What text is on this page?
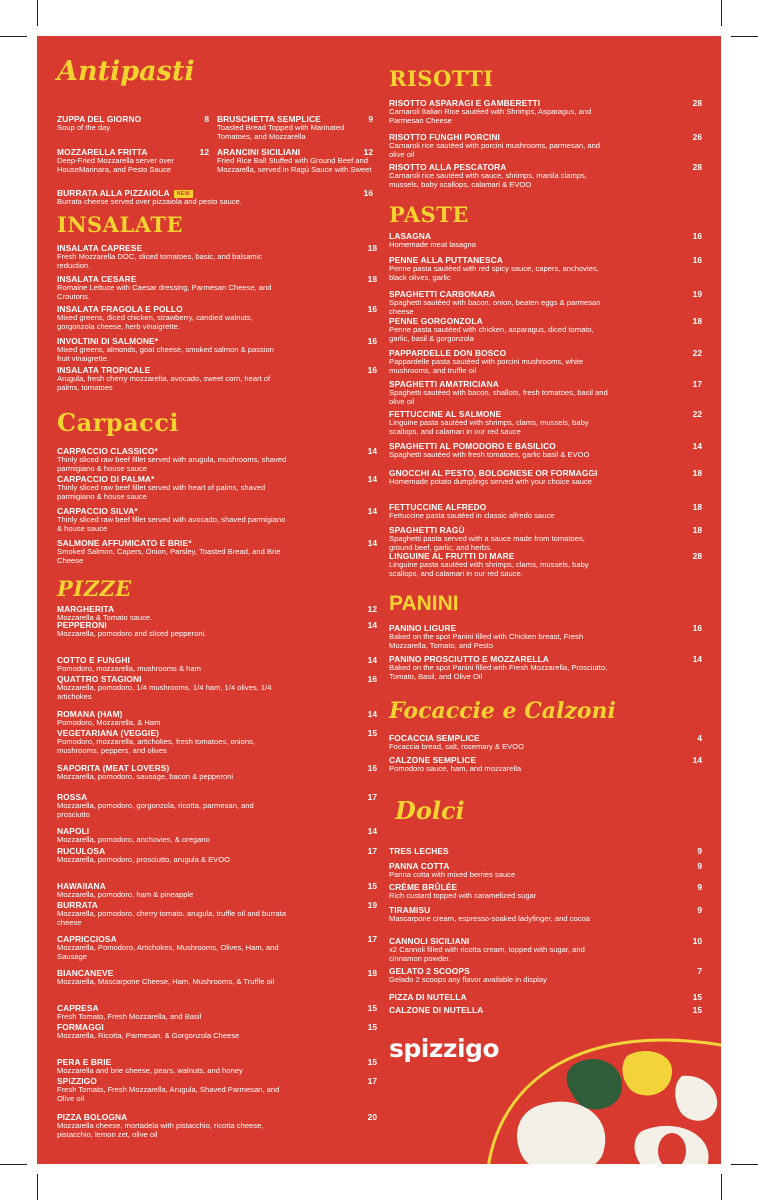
Antipasti
ZUPPA DEL GIORNO	8
Soup of the day
BRUSCHETTA SEMPLICE	9
Toasted Bread Topped with Marinated Tomatoes, and Mozzarella
MOZZARELLA FRITTA	12
Deep-Fried Mozzarella server over HouseMarinara, and Pesto Sauce
ARANCINI SICILIANI	12
Fried Rice Ball Stuffed with Ground Beef and Mozzarella, served in Ragù Sauce with Sweet
BURRATA ALLA PIZZAIOLA NEW	16
Burrata cheese served over pizzaiola and pesto sauce.
INSALATE
INSALATA CAPRESE	18
Fresh Mozzarella DOC, sliced tomatoes, basic, and balsamic reduction.
INSALATA CESARE	18
Romaine Lettuce with Caesar dressing, Parmesan Cheese, and Croutons.
INSALATA FRAGOLA E POLLO	16
Mixed greens, diced chicken, strawberry, candied walnuts, gorgonzola cheese, herb vinaigrette.
INVOLTINI DI SALMONE*	16
Mixed greens, almonds, goat cheese, smoked salmon & passion fruit vinaigrette.
INSALATA TROPICALE	16
Arugula, fresh cherry mozzarella, avocado, sweet corn, heart of palms, tomatoes
Carpacci
CARPACCIO CLASSICO*	14
Thinly sliced raw beef fillet served with arugula, mushrooms, shaved parmigiano & house sauce
CARPACCIO DI PALMA*	14
Thinly sliced raw beef fillet served with heart of palms, shaved parmigiano & house sauce
CARPACCIO SILVA*	14
Thinly sliced raw beef fillet served with avocado, shaved parmigiano & house sauce
SALMONE AFFUMICATO E BRIE*	14
Smoked Salmon, Capers, Onion, Parsley, Toasted Bread, and Brie Cheese
PIZZE
MARGHERITA	12
Mozzarella & Tomato sauce.
PEPPERONI	14
Mozzarella, pomodoro and sliced pepperoni.
COTTO E FUNGHI	14
Pomodoro, mozzarella, mushrooms & ham
QUATTRO STAGIONI	16
Mozzarella, pomodoro, 1/4 mushrooms, 1/4 ham, 1/4 olives, 1/4 artichokes
ROMANA (HAM)	14
Pomodoro, Mozzarella, & Ham
VEGETARIANA (VEGGIE)	15
Pomodoro, mozzarella, artichokes, fresh tomatoes, onions, mushrooms, peppers, and olives
SAPORITA (MEAT LOVERS)	16
Mozzarella, pomodoro, sausage, bacon & pepperoni
ROSSA	17
Mozzarella, pomodoro, gorgonzola, ricotta, parmesan, and prosciutto
NAPOLI	14
Mozzarella, pomodoro, anchovies, & oregano
RUCULOSA	17
Mozzarella, pomodoro, prosciutto, arugula & EVOO
HAWAIIANA	15
Mozzarella, pomodoro, ham & pineapple
BURRATA	19
Mozzarella, pomodoro, cherry tomato, arugula, truffle oil and burrata cheese
CAPRICCIOSA	17
Mozzarella, Pomodoro, Artichokes, Mushrooms, Olives, Ham, and Sausage
BIANCANEVE	18
Mozzarella, Mascarpone Cheese, Ham, Mushrooms, & Truffle oil
CAPRESA	15
Fresh Tomato, Fresh Mozzarella, and Basil
FORMAGGI	15
Mozzarella, Ricotta, Parmesan, & Gorgonzola Cheese
PERA E BRIE	15
Mozzarella and brie cheese, pears, walnuts, and honey
SPIZZIGO	17
Fresh Tomato, Fresh Mozzarella, Arugula, Shaved Parmesan, and Olive oil
PIZZA BOLOGNA	20
Mozzarella cheese, mortadela with pistacchio, ricotta cheese, pistacchio, lemon zet, olive oil
RISOTTI
RISOTTO ASPARAGI E GAMBERETTI	28
Carnaroli Italian Rice sautéed with Shrimps, Asparagus, and Parmesan Cheese
RISOTTO FUNGHI PORCINI	26
Carnaroli rice sautéed with porcini mushrooms, parmesan, and olive oil
RISOTTO ALLA PESCATORA	28
Carnaroli rice sautéed with sauce, shrimps, manila clamps, mussels, baby scallops, calamari & EVOO
PASTE
LASAGNA	16
Homemade meat lasagna
PENNE ALLA PUTTANESCA	16
Penne pasta sautéed with red spicy sauce, capers, anchovies, black olives, garlic
SPAGHETTI CARBONARA	19
Spaghetti sautéed with bacon, onion, beaten eggs & parmesan cheese
PENNE GORGONZOLA	18
Penne pasta sautéed with chicken, asparagus, diced tomato, garlic, basil & gorgonzola
PAPPARDELLE DON BOSCO	22
Pappardelle pasta sautéed with porcini mushrooms, white mushrooms, and truffle oil
SPAGHETTI AMATRICIANA	17
Spaghetti sautéed with bacon, shallots, fresh tomatoes, basil and olive oil
FETTUCCINE AL SALMONE	22
Linguine pasta sautéed with shrimps, clams, mussels, baby scallops, and calamari in our red sauce
SPAGHETTI AL POMODORO E BASILICO	14
Spaghetti sautéed with fresh tomatoes, garlic basil & EVOO
GNOCCHI AL PESTO, BOLOGNESE OR FORMAGGI	18
Homemade potato dumplings served with your choice sauce
FETTUCCINE ALFREDO	18
Fettuccine pasta sautéed in classic alfredo sauce
SPAGHETTI RAGÙ	18
Spaghetti pasta served with a sauce made from tomatoes, ground beef, garlic, and herbs.
LINGUINE AL FRUTTI DI MARE	28
Linguine pasta sautéed with shrimps, clams, mussels, baby scallops, and calamari in our red sauce.
PANINI
PANINO LIGURE	16
Baked on the spot Panini filled with Chicken breast, Fresh Mozzarella, Tomato, and Pesto
PANINO PROSCIUTTO E MOZZARELLA	14
Baked on the spot Panini filled with Fresh Mozzarella, Prosciutto, Tomato, Basil, and Olive Oil
Focaccie e Calzoni
FOCACCIA SEMPLICE	4
Focaccia bread, salt, rosemary & EVOO
CALZONE SEMPLICE	14
Pomodoro sauce, ham, and mozzarella
Dolci
TRES LECHES	9
PANNA COTTA	9
Panna cotta with mixed berries sauce
CRÈME BRÛLÉE	9
Rich custard topped with caramelized sugar
TIRAMISU	9
Mascarpone cream, espresso-soaked ladyfinger, and cocoa
CANNOLI SICILIANI	10
x2 Cannoli filled with ricotta cream, topped with sugar, and cinnamon powder.
GELATO 2 SCOOPS	7
Gelado 2 scoops any flavor available in display
PIZZA DI NUTELLA	15
CALZONE DI NUTELLA	15
spizzigo
